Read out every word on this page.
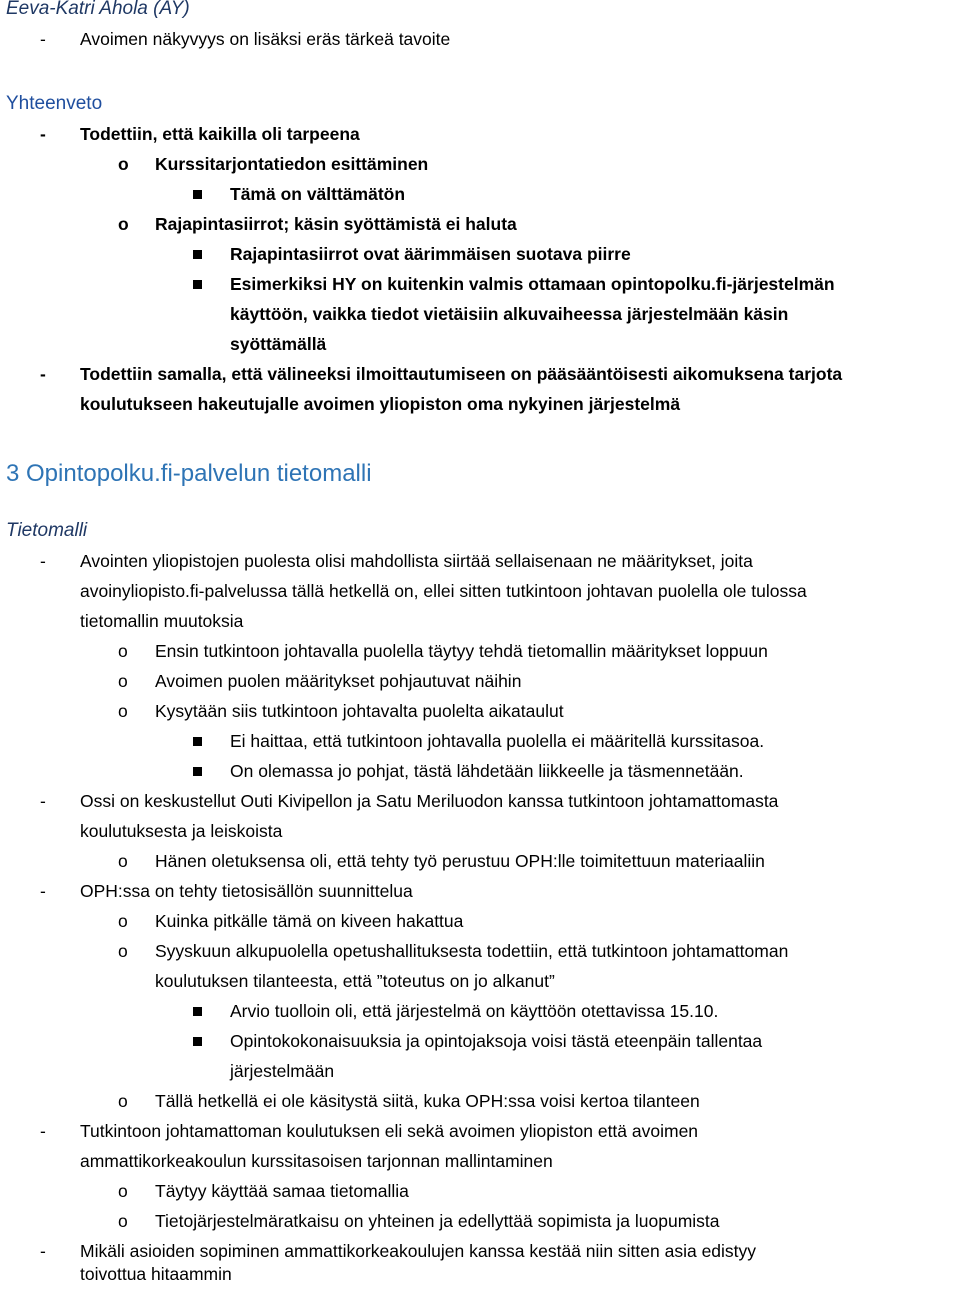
Eeva-Katri Ahola (AY)
- Avoimen näkyvyys on lisäksi eräs tärkeä tavoite
Yhteenveto
- Todettiin, että kaikilla oli tarpeena
o Kurssitarjontatiedon esittäminen
Tämä on välttämätön
o Rajapintasiirrot; käsin syöttämistä ei haluta
Rajapintasiirrot ovat äärimmäisen suotava piirre
Esimerkiksi HY on kuitenkin valmis ottamaan opintopolku.fi-järjestelmän
käyttöön, vaikka tiedot vietäisiin alkuvaiheessa järjestelmään käsin
syöttämällä
- Todettiin samalla, että välineeksi ilmoittautumiseen on pääsääntöisesti aikomuksena tarjota
koulutukseen hakeutujalle avoimen yliopiston oma nykyinen järjestelmä
3 Opintopolku.fi-palvelun tietomalli
Tietomalli
- Avointen yliopistojen puolesta olisi mahdollista siirtää sellaisenaan ne määritykset, joita
avoinyliopisto.fi-palvelussa tällä hetkellä on, ellei sitten tutkintoon johtavan puolella ole tulossa
tietomallin muutoksia
o Ensin tutkintoon johtavalla puolella täytyy tehdä tietomallin määritykset loppuun
o Avoimen puolen määritykset pohjautuvat näihin
o Kysytään siis tutkintoon johtavalta puolelta aikataulut
Ei haittaa, että tutkintoon johtavalla puolella ei määritellä kurssitasoa.
On olemassa jo pohjat, tästä lähdetään liikkeelle ja täsmennetään.
- Ossi on keskustellut Outi Kivipellon ja Satu Meriluodon kanssa tutkintoon johtamattomasta
koulutuksesta ja leiskoista
o Hänen oletuksensa oli, että tehty työ perustuu OPH:lle toimitettuun materiaaliin
- OPH:ssa on tehty tietosisällön suunnittelua
o Kuinka pitkälle tämä on kiveen hakattua
o Syyskuun alkupuolella opetushallituksesta todettiin, että tutkintoon johtamattoman
koulutuksen tilanteesta, että ”toteutus on jo alkanut”
Arvio tuolloin oli, että järjestelmä on käyttöön otettavissa 15.10.
Opintokokonaisuuksia ja opintojaksoja voisi tästä eteenpäin tallentaa
järjestelmään
o Tällä hetkellä ei ole käsitystä siitä, kuka OPH:ssa voisi kertoa tilanteen
- Tutkintoon johtamattoman koulutuksen eli sekä avoimen yliopiston että avoimen
ammattikorkeakoulun kurssitasoisen tarjonnan mallintaminen
o Täytyy käyttää samaa tietomallia
o Tietojärjestelmäratkaisu on yhteinen ja edellyttää sopimista ja luopumista
- Mikäli asioiden sopiminen ammattikorkeakoulujen kanssa kestää niin sitten asia edistyy
toivottua hitaammin
